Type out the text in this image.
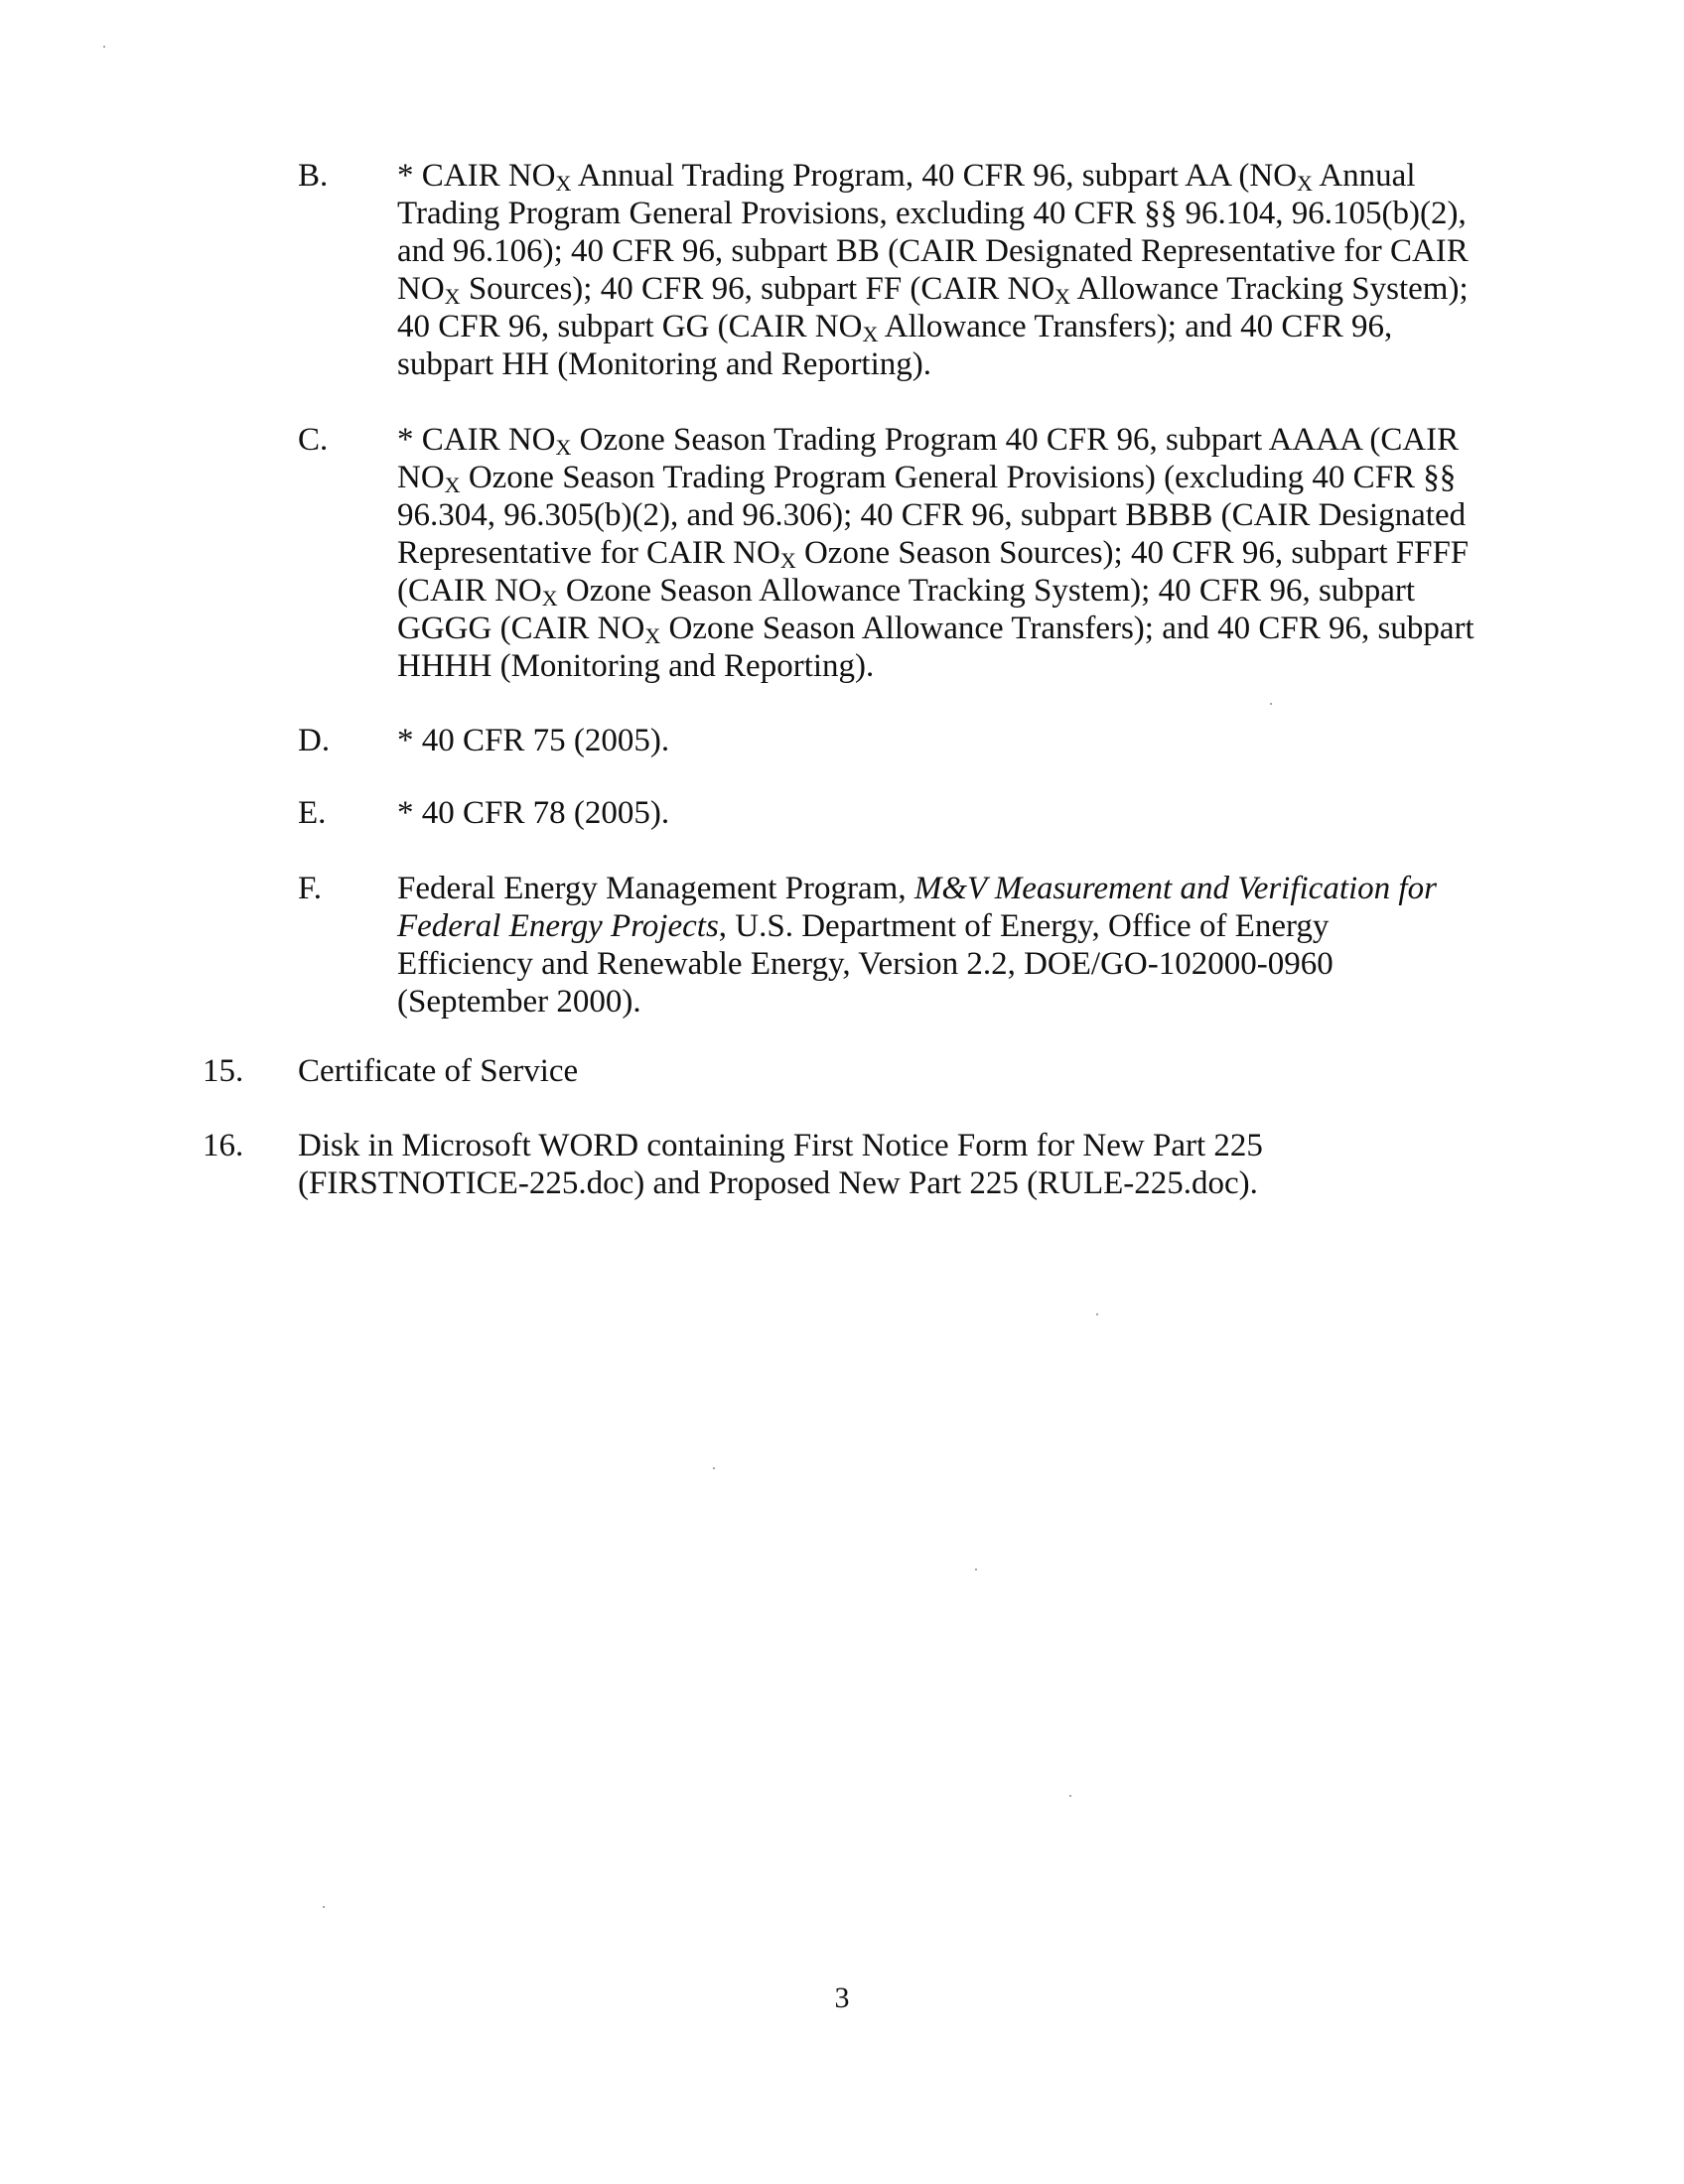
B. * CAIR $NO_X$ Annual Trading Program, 40 CFR 96, subpart AA ($NO_X$ Annual
Trading Program General Provisions, excluding 40 CFR §§ 96.104, 96.105(b)(2),
and 96.106); 40 CFR 96, subpart BB (CAIR Designated Representative for CAIR
$NO_X$ Sources); 40 CFR 96, subpart FF (CAIR $NO_X$ Allowance Tracking System);
40 CFR 96, subpart GG (CAIR $NO_X$ Allowance Transfers); and 40 CFR 96,
subpart HH (Monitoring and Reporting).
C. * CAIR $NO_X$ Ozone Season Trading Program 40 CFR 96, subpart AAAA (CAIR
$NO_X$ Ozone Season Trading Program General Provisions) (excluding 40 CFR §§
96.304, 96.305(b)(2), and 96.306); 40 CFR 96, subpart BBBB (CAIR Designated
Representative for CAIR $NO_X$ Ozone Season Sources); 40 CFR 96, subpart FFFF
(CAIR $NO_X$ Ozone Season Allowance Tracking System); 40 CFR 96, subpart
GGGG (CAIR $NO_X$ Ozone Season Allowance Transfers); and 40 CFR 96, subpart
HHHH (Monitoring and Reporting).
D. * 40 CFR 75 (2005).
E. * 40 CFR 78 (2005).
F. Federal Energy Management Program, M&V Measurement and Verification for
Federal Energy Projects, U.S. Department of Energy, Office of Energy
Efficiency and Renewable Energy, Version 2.2, DOE/GO-102000-0960
(September 2000).
15. Certificate of Service
16. Disk in Microsoft WORD containing First Notice Form for New Part 225
(FIRSTNOTICE-225.doc) and Proposed New Part 225 (RULE-225.doc).
3
